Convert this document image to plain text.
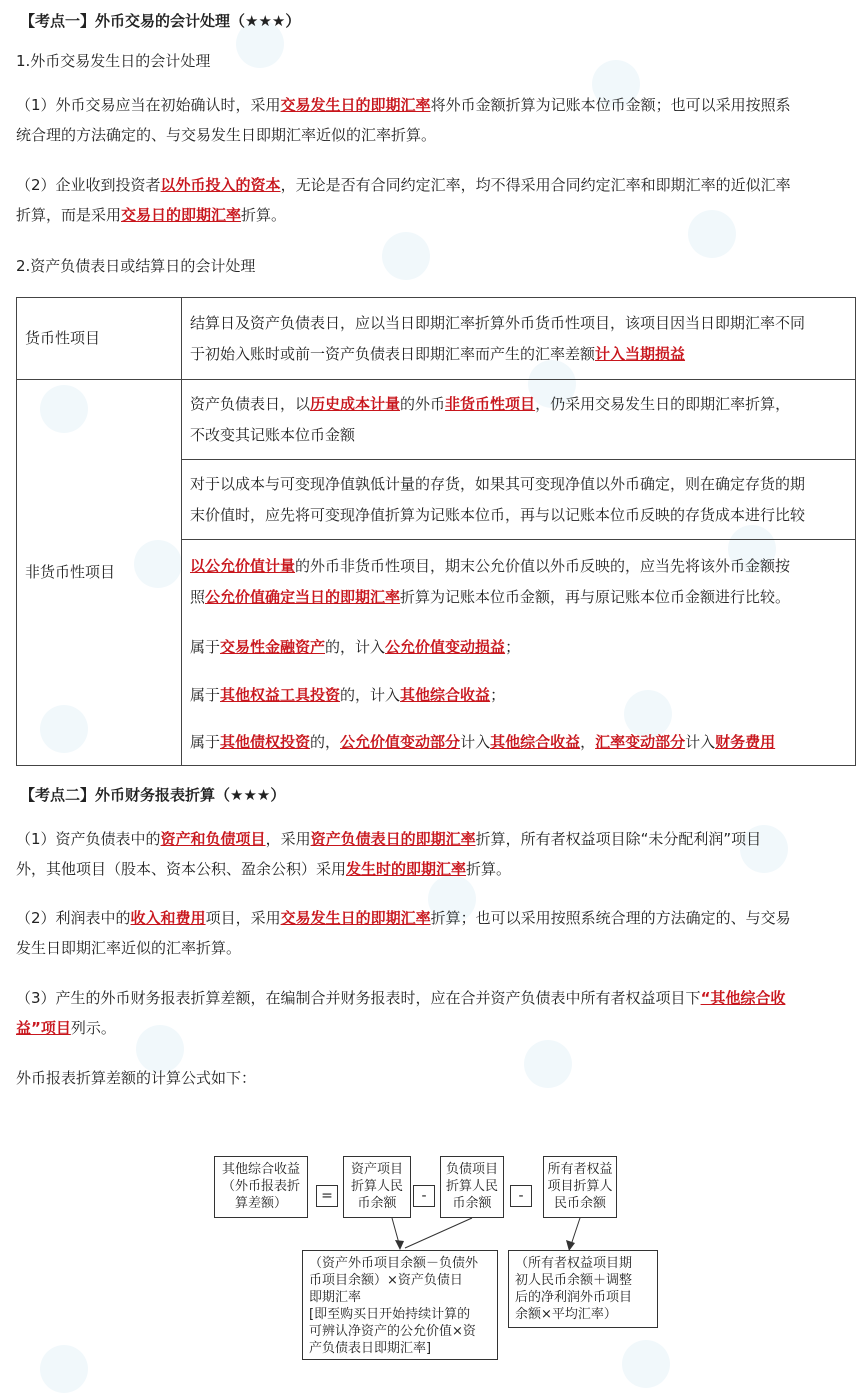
【考点一】外币交易的会计处理（★★★）
1.外币交易发生日的会计处理
（1）外币交易应当在初始确认时，采用交易发生日的即期汇率将外币金额折算为记账本位币金额；也可以采用按照系
统合理的方法确定的、与交易发生日即期汇率近似的汇率折算。
（2）企业收到投资者以外币投入的资本，无论是否有合同约定汇率，均不得采用合同约定汇率和即期汇率的近似汇率
折算，而是采用交易日的即期汇率折算。
2.资产负债表日或结算日的会计处理
货币性项目	结算日及资产负债表日，应以当日即期汇率折算外币货币性项目，该项目因当日即期汇率不同
于初始入账时或前一资产负债表日即期汇率而产生的汇率差额计入当期损益
非货币性项目	资产负债表日，以历史成本计量的外币非货币性项目，仍采用交易发生日的即期汇率折算，
不改变其记账本位币金额
	对于以成本与可变现净值孰低计量的存货，如果其可变现净值以外币确定，则在确定存货的期
末价值时，应先将可变现净值折算为记账本位币，再与以记账本位币反映的存货成本进行比较
	以公允价值计量的外币非货币性项目，期末公允价值以外币反映的，应当先将该外币金额按
照公允价值确定当日的即期汇率折算为记账本位币金额，再与原记账本位币金额进行比较。
	属于交易性金融资产的，计入公允价值变动损益；
	属于其他权益工具投资的，计入其他综合收益；
	属于其他债权投资的，公允价值变动部分计入其他综合收益，汇率变动部分计入财务费用
【考点二】外币财务报表折算（★★★）
（1）资产负债表中的资产和负债项目，采用资产负债表日的即期汇率折算，所有者权益项目除“未分配利润”项目
外，其他项目（股本、资本公积、盈余公积）采用发生时的即期汇率折算。
（2）利润表中的收入和费用项目，采用交易发生日的即期汇率折算；也可以采用按照系统合理的方法确定的、与交易
发生日即期汇率近似的汇率折算。
（3）产生的外币财务报表折算差额，在编制合并财务报表时，应在合并资产负债表中所有者权益项目下“其他综合收
益”项目列示。
外币报表折算差额的计算公式如下：
其他综合收益
（外币报表折
算差额）	=
资产项目
折算人民
币余额	-
负债项目
折算人民
币余额	-
所有者权益
项目折算人
民币余额
（资产外币项目余额－负债外
币项目余额）×资产负债日
即期汇率
[即至购买日开始持续计算的
可辨认净资产的公允价值×资
产负债表日即期汇率]
（所有者权益项目期
初人民币余额＋调整
后的净利润外币项目
余额×平均汇率）
